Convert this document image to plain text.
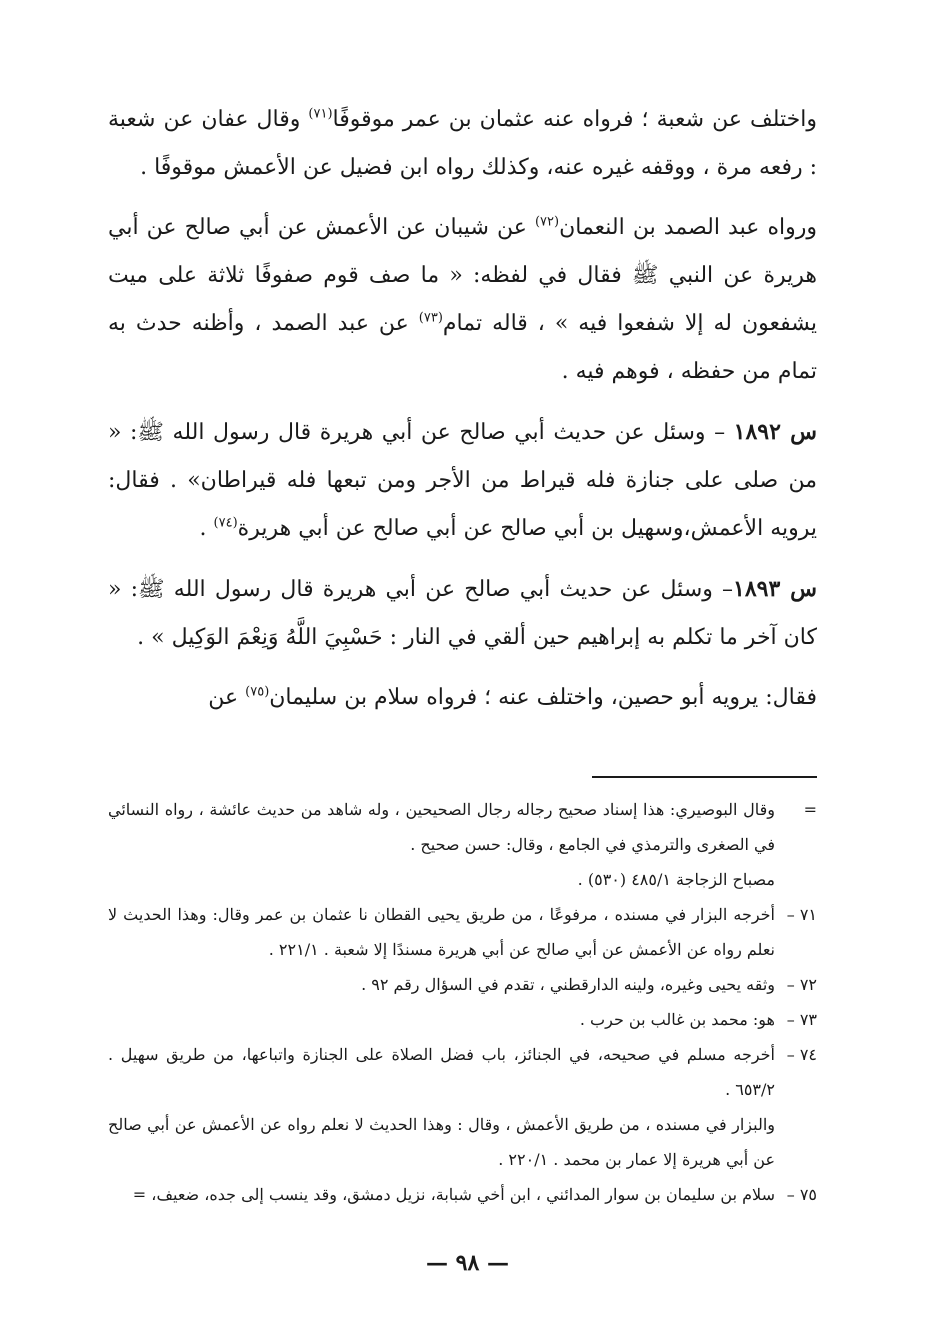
واختلف عن شعبة ؛ فرواه عنه عثمان بن عمر موقوفًا$^{(٧١)}$ وقال عفان عن شعبة : رفعه مرة ، ووقفه غيره عنه، وكذلك رواه ابن فضيل عن الأعمش موقوفًا .

ورواه عبد الصمد بن النعمان$^{(٧٢)}$ عن شيبان عن الأعمش عن أبي صالح عن أبي هريرة عن النبي ﷺ فقال في لفظه: « ما صف قوم صفوفًا ثلاثة على ميت يشفعون له إلا شفعوا فيه » ، قاله تمام$^{(٧٣)}$ عن عبد الصمد ، وأظنه حدث به تمام من حفظه ، فوهم فيه .

س ١٨٩٢ – وسئل عن حديث أبي صالح عن أبي هريرة قال رسول الله ﷺ: « من صلى على جنازة فله قيراط من الأجر ومن تبعها فله قيراطان» . فقال: يرويه الأعمش،وسهيل بن أبي صالح عن أبي صالح عن أبي هريرة$^{(٧٤)}$ .

س ١٨٩٣– وسئل عن حديث أبي صالح عن أبي هريرة قال رسول الله ﷺ: « كان آخر ما تكلم به إبراهيم حين ألقي في النار : حَسْبِيَ اللَّهُ وَنِعْمَ الوَكِيل » .

فقال: يرويه أبو حصين، واختلف عنه ؛ فرواه سلام بن سليمان$^{(٧٥)}$ عن

=
وقال البوصيري: هذا إسناد صحيح رجاله رجال الصحيحين ، وله شاهد من حديث عائشة ، رواه النسائي في الصغرى والترمذي في الجامع ، وقال: حسن صحيح .
مصباح الزجاجة ٤٨٥/١ (٥٣٠) .
٧١ –
أخرجه البزار في مسنده ، مرفوعًا ، من طريق يحيى القطان نا عثمان بن عمر وقال: وهذا الحديث لا نعلم رواه عن الأعمش عن أبي صالح عن أبي هريرة مسندًا إلا شعبة . ٢٢١/١ .
٧٢ –
وثقه يحيى وغيره، ولينه الدارقطني ، تقدم في السؤال رقم ٩٢ .
٧٣ –
هو: محمد بن غالب بن حرب .
٧٤ –
أخرجه مسلم في صحيحه، في الجنائز، باب فضل الصلاة على الجنازة واتباعها، من طريق سهيل . ٦٥٣/٢ .
والبزار في مسنده ، من طريق الأعمش ، وقال : وهذا الحديث لا نعلم رواه عن الأعمش عن أبي صالح عن أبي هريرة إلا عمار بن محمد . ٢٢٠/١ .
٧٥ –
سلام بن سليمان بن سوار المدائني ، ابن أخي شبابة، نزيل دمشق، وقد ينسب إلى جده، ضعيف، =
— ٩٨ —
